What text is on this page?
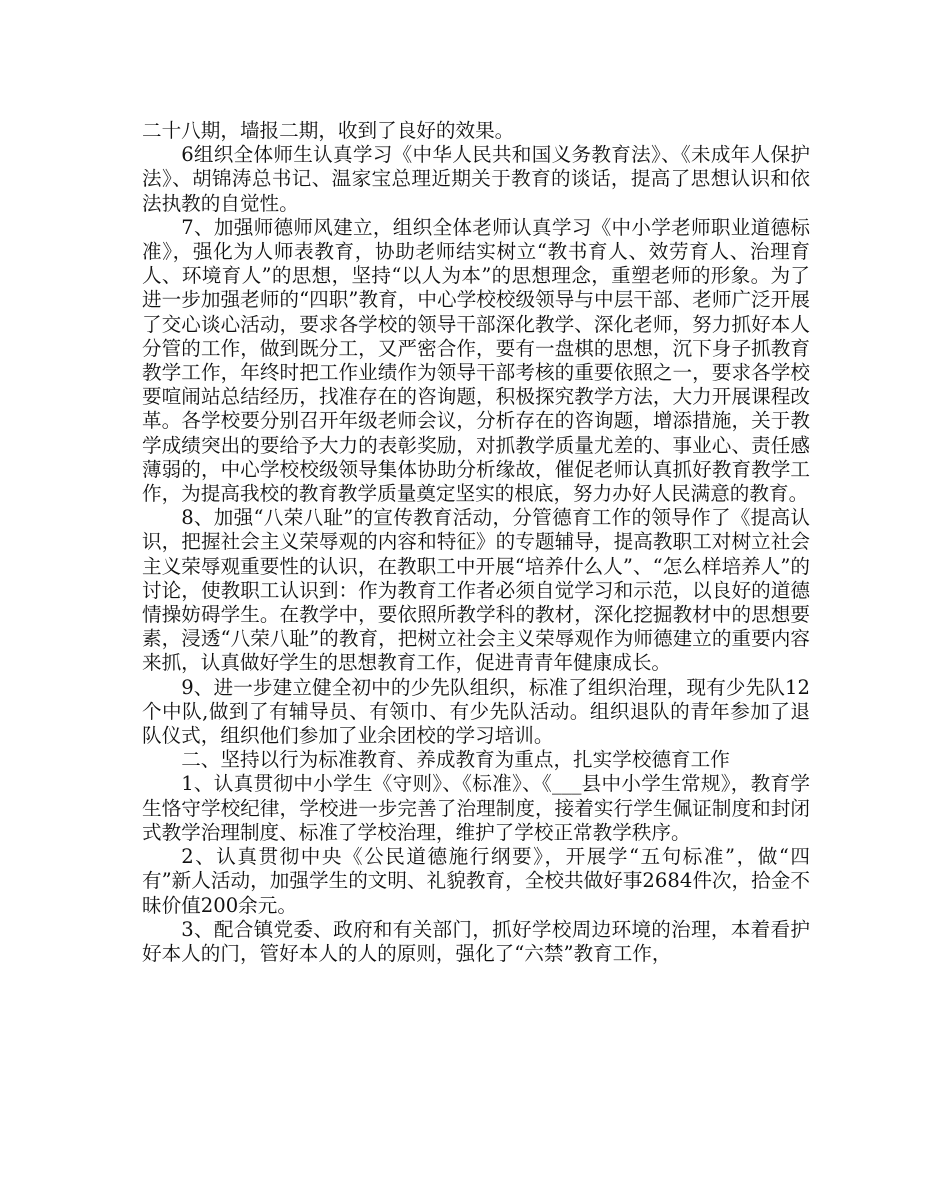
二十八期，墙报二期，收到了良好的效果。

6组织全体师生认真学习《中华人民共和国义务教育法》、《未成年人保护法》、胡锦涛总书记、温家宝总理近期关于教育的谈话，提高了思想认识和依法执教的自觉性。

7、加强师德师风建立，组织全体老师认真学习《中小学老师职业道德标准》，强化为人师表教育，协助老师结实树立“教书育人、效劳育人、治理育人、环境育人”的思想，坚持“以人为本”的思想理念，重塑老师的形象。为了进一步加强老师的“四职”教育，中心学校校级领导与中层干部、老师广泛开展了交心谈心活动，要求各学校的领导干部深化教学、深化老师，努力抓好本人分管的工作，做到既分工，又严密合作，要有一盘棋的思想，沉下身子抓教育教学工作，年终时把工作业绩作为领导干部考核的重要依照之一，要求各学校要喧闹站总结经历，找准存在的咨询题，积极探究教学方法，大力开展课程改革。各学校要分别召开年级老师会议，分析存在的咨询题，增添措施，关于教学成绩突出的要给予大力的表彰奖励，对抓教学质量尤差的、事业心、责任感薄弱的，中心学校校级领导集体协助分析缘故，催促老师认真抓好教育教学工作，为提高我校的教育教学质量奠定坚实的根底，努力办好人民满意的教育。

8、加强“八荣八耻”的宣传教育活动，分管德育工作的领导作了《提高认识，把握社会主义荣辱观的内容和特征》的专题辅导，提高教职工对树立社会主义荣辱观重要性的认识，在教职工中开展“培养什么人”、“怎么样培养人”的讨论，使教职工认识到：作为教育工作者必须自觉学习和示范，以良好的道德情操妨碍学生。在教学中，要依照所教学科的教材，深化挖掘教材中的思想要素，浸透“八荣八耻”的教育，把树立社会主义荣辱观作为师德建立的重要内容来抓，认真做好学生的思想教育工作，促进青青年健康成长。

9、进一步建立健全初中的少先队组织，标准了组织治理，现有少先队12个中队,做到了有辅导员、有领巾、有少先队活动。组织退队的青年参加了退队仪式，组织他们参加了业余团校的学习培训。

二、坚持以行为标准教育、养成教育为重点，扎实学校德育工作

1、认真贯彻中小学生《守则》、《标准》、《___县中小学生常规》，教育学生恪守学校纪律，学校进一步完善了治理制度，接着实行学生佩证制度和封闭式教学治理制度、标准了学校治理，维护了学校正常教学秩序。

2、认真贯彻中央《公民道德施行纲要》，开展学“五句标准”，做“四有”新人活动，加强学生的文明、礼貌教育，全校共做好事2684件次，拾金不昧价值200余元。

3、配合镇党委、政府和有关部门，抓好学校周边环境的治理，本着看护好本人的门，管好本人的人的原则，强化了“六禁”教育工作，
